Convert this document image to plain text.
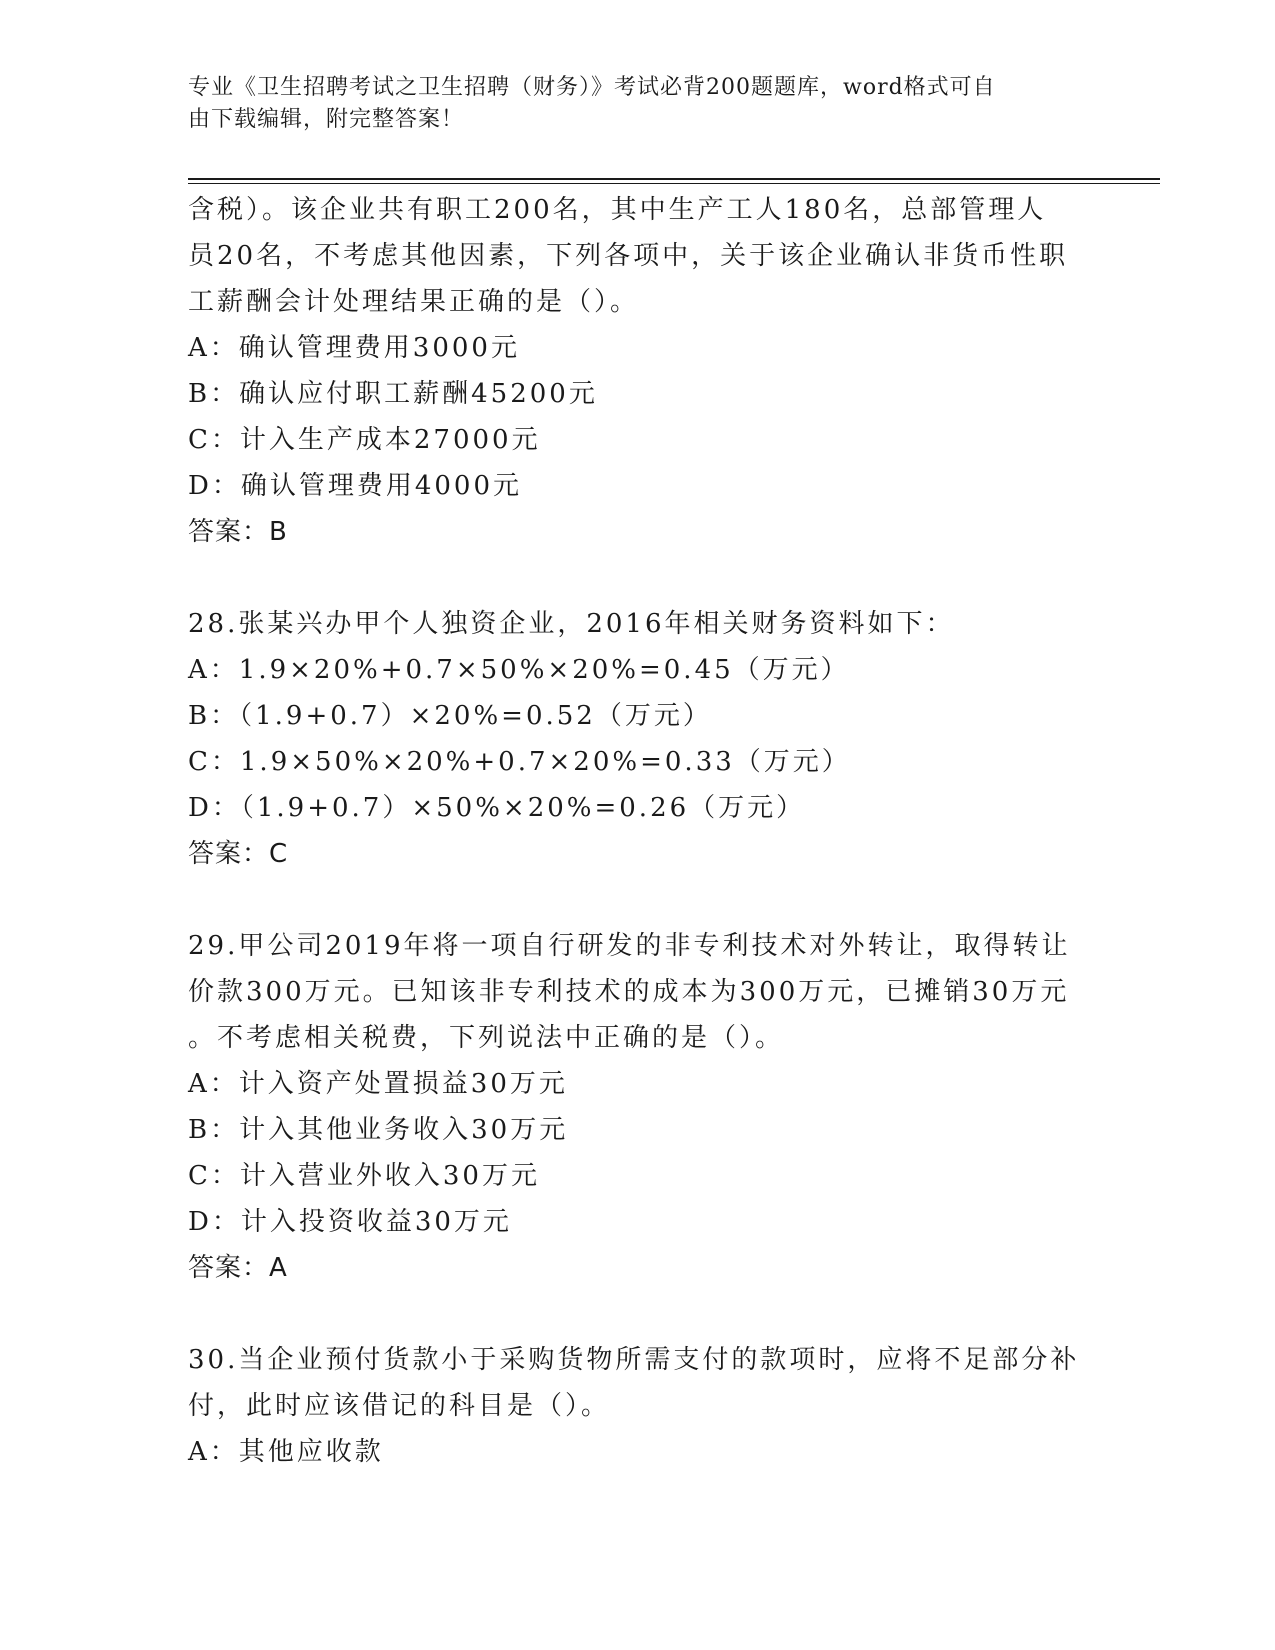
专业《卫生招聘考试之卫生招聘（财务）》考试必背200题题库，word格式可自
由下载编辑，附完整答案！
含税）。该企业共有职工200名，其中生产工人180名，总部管理人
员20名，不考虑其他因素，下列各项中，关于该企业确认非货币性职
工薪酬会计处理结果正确的是（）。
A：确认管理费用3000元
B：确认应付职工薪酬45200元
C：计入生产成本27000元
D：确认管理费用4000元
答案：B
28.张某兴办甲个人独资企业，2016年相关财务资料如下：
A：1.9×20%+0.7×50%×20%=0.45（万元）
B：（1.9+0.7）×20%=0.52（万元）
C：1.9×50%×20%+0.7×20%=0.33（万元）
D：（1.9+0.7）×50%×20%=0.26（万元）
答案：C
29.甲公司2019年将一项自行研发的非专利技术对外转让，取得转让
价款300万元。已知该非专利技术的成本为300万元，已摊销30万元
。不考虑相关税费，下列说法中正确的是（）。
A：计入资产处置损益30万元
B：计入其他业务收入30万元
C：计入营业外收入30万元
D：计入投资收益30万元
答案：A
30.当企业预付货款小于采购货物所需支付的款项时，应将不足部分补
付，此时应该借记的科目是（）。
A：其他应收款
